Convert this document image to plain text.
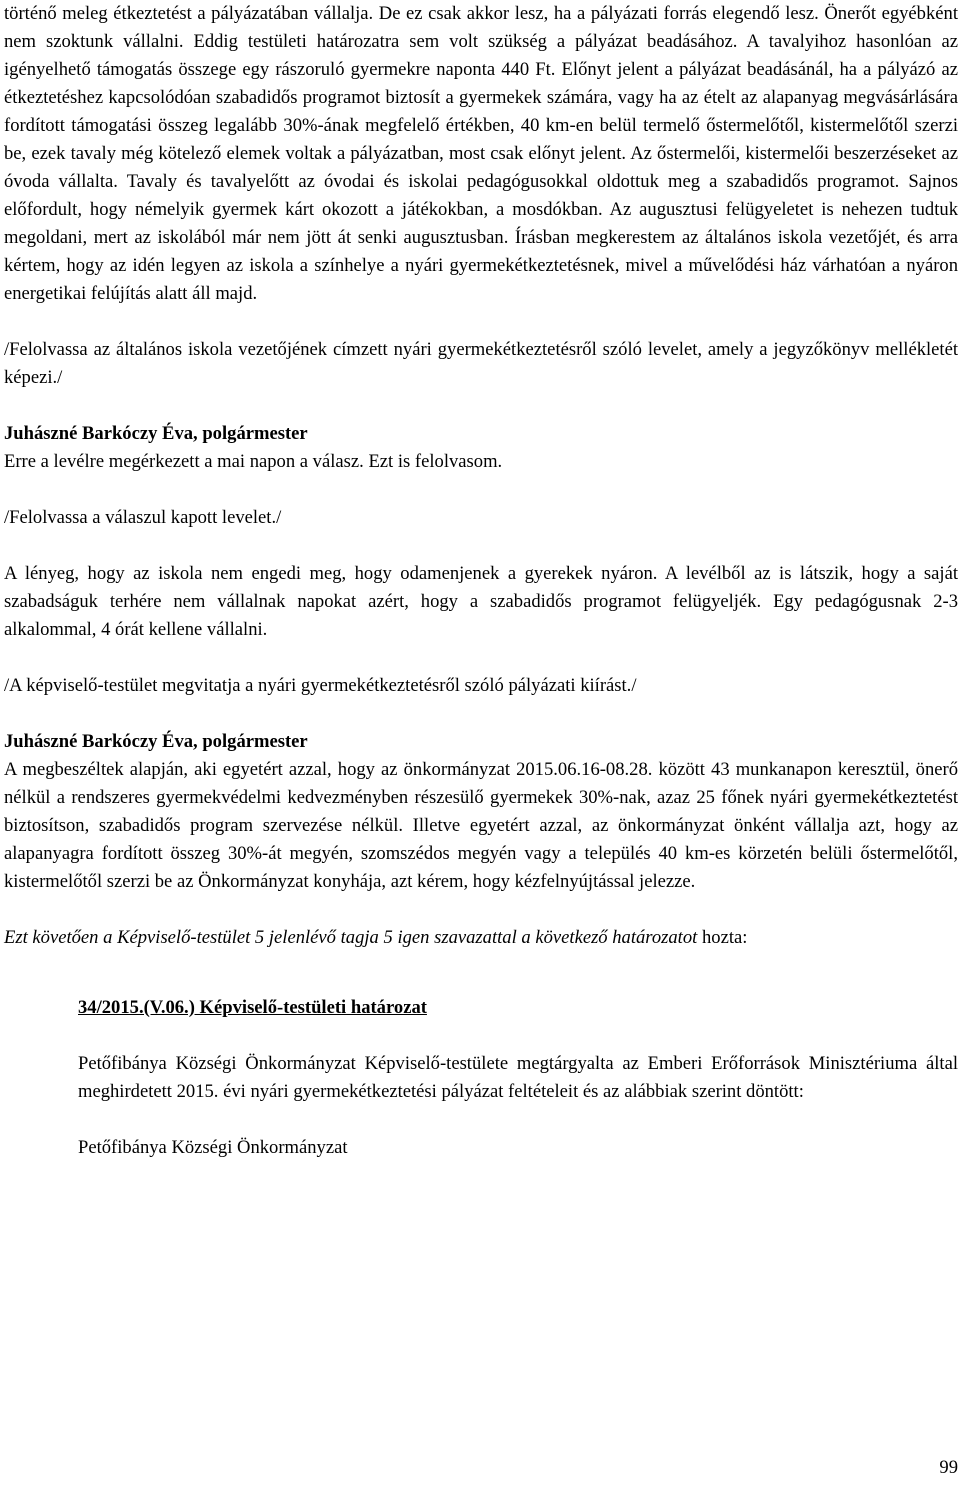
történő meleg étkeztetést a pályázatában vállalja. De ez csak akkor lesz, ha a pályázati forrás elegendő lesz. Önerőt egyébként nem szoktunk vállalni. Eddig testületi határozatra sem volt szükség a pályázat beadásához. A tavalyihoz hasonlóan az igényelhető támogatás összege egy rászoruló gyermekre naponta 440 Ft. Előnyt jelent a pályázat beadásánál, ha a pályázó az étkeztetéshez kapcsolódóan szabadidős programot biztosít a gyermekek számára, vagy ha az ételt az alapanyag megvásárlására fordított támogatási összeg legalább 30%-ának megfelelő értékben, 40 km-en belül termelő őstermelőtől, kistermelőtől szerzi be, ezek tavaly még kötelező elemek voltak a pályázatban, most csak előnyt jelent. Az őstermelői, kistermelői beszerzéseket az óvoda vállalta. Tavaly és tavalyelőtt az óvodai és iskolai pedagógusokkal oldottuk meg a szabadidős programot. Sajnos előfordult, hogy némelyik gyermek kárt okozott a játékokban, a mosdókban. Az augusztusi felügyeletet is nehezen tudtuk megoldani, mert az iskolából már nem jött át senki augusztusban. Írásban megkerestem az általános iskola vezetőjét, és arra kértem, hogy az idén legyen az iskola a színhelye a nyári gyermekétkeztetésnek, mivel a művelődési ház várhatóan a nyáron energetikai felújítás alatt áll majd.

/Felolvassa az általános iskola vezetőjének címzett nyári gyermekétkeztetésről szóló levelet, amely a jegyzőkönyv mellékletét képezi./

Juhászné Barkóczy Éva, polgármester

Erre a levélre megérkezett a mai napon a válasz. Ezt is felolvasom.

/Felolvassa a válaszul kapott levelet./

A lényeg, hogy az iskola nem engedi meg, hogy odamenjenek a gyerekek nyáron. A levélből az is látszik, hogy a saját szabadságuk terhére nem vállalnak napokat azért, hogy a szabadidős programot felügyeljék. Egy pedagógusnak 2-3 alkalommal, 4 órát kellene vállalni.

/A képviselő-testület megvitatja a nyári gyermekétkeztetésről szóló pályázati kiírást./

Juhászné Barkóczy Éva, polgármester

A megbeszéltek alapján, aki egyetért azzal, hogy az önkormányzat 2015.06.16-08.28. között 43 munkanapon keresztül, önerő nélkül a rendszeres gyermekvédelmi kedvezményben részesülő gyermekek 30%-nak, azaz 25 főnek nyári gyermekétkeztetést biztosítson, szabadidős program szervezése nélkül. Illetve egyetért azzal, az önkormányzat önként vállalja azt, hogy az alapanyagra fordított összeg 30%-át megyén, szomszédos megyén vagy a település 40 km-es körzetén belüli őstermelőtől, kistermelőtől szerzi be az Önkormányzat konyhája, azt kérem, hogy kézfelnyújtással jelezze.

Ezt követően a Képviselő-testület 5 jelenlévő tagja 5 igen szavazattal a következő határozatot hozta:

34/2015.(V.06.) Képviselő-testületi határozat

Petőfibánya Községi Önkormányzat Képviselő-testülete megtárgyalta az Emberi Erőforrások Minisztériuma által meghirdetett 2015. évi nyári gyermekétkeztetési pályázat feltételeit és az alábbiak szerint döntött:

Petőfibánya Községi Önkormányzat

99
